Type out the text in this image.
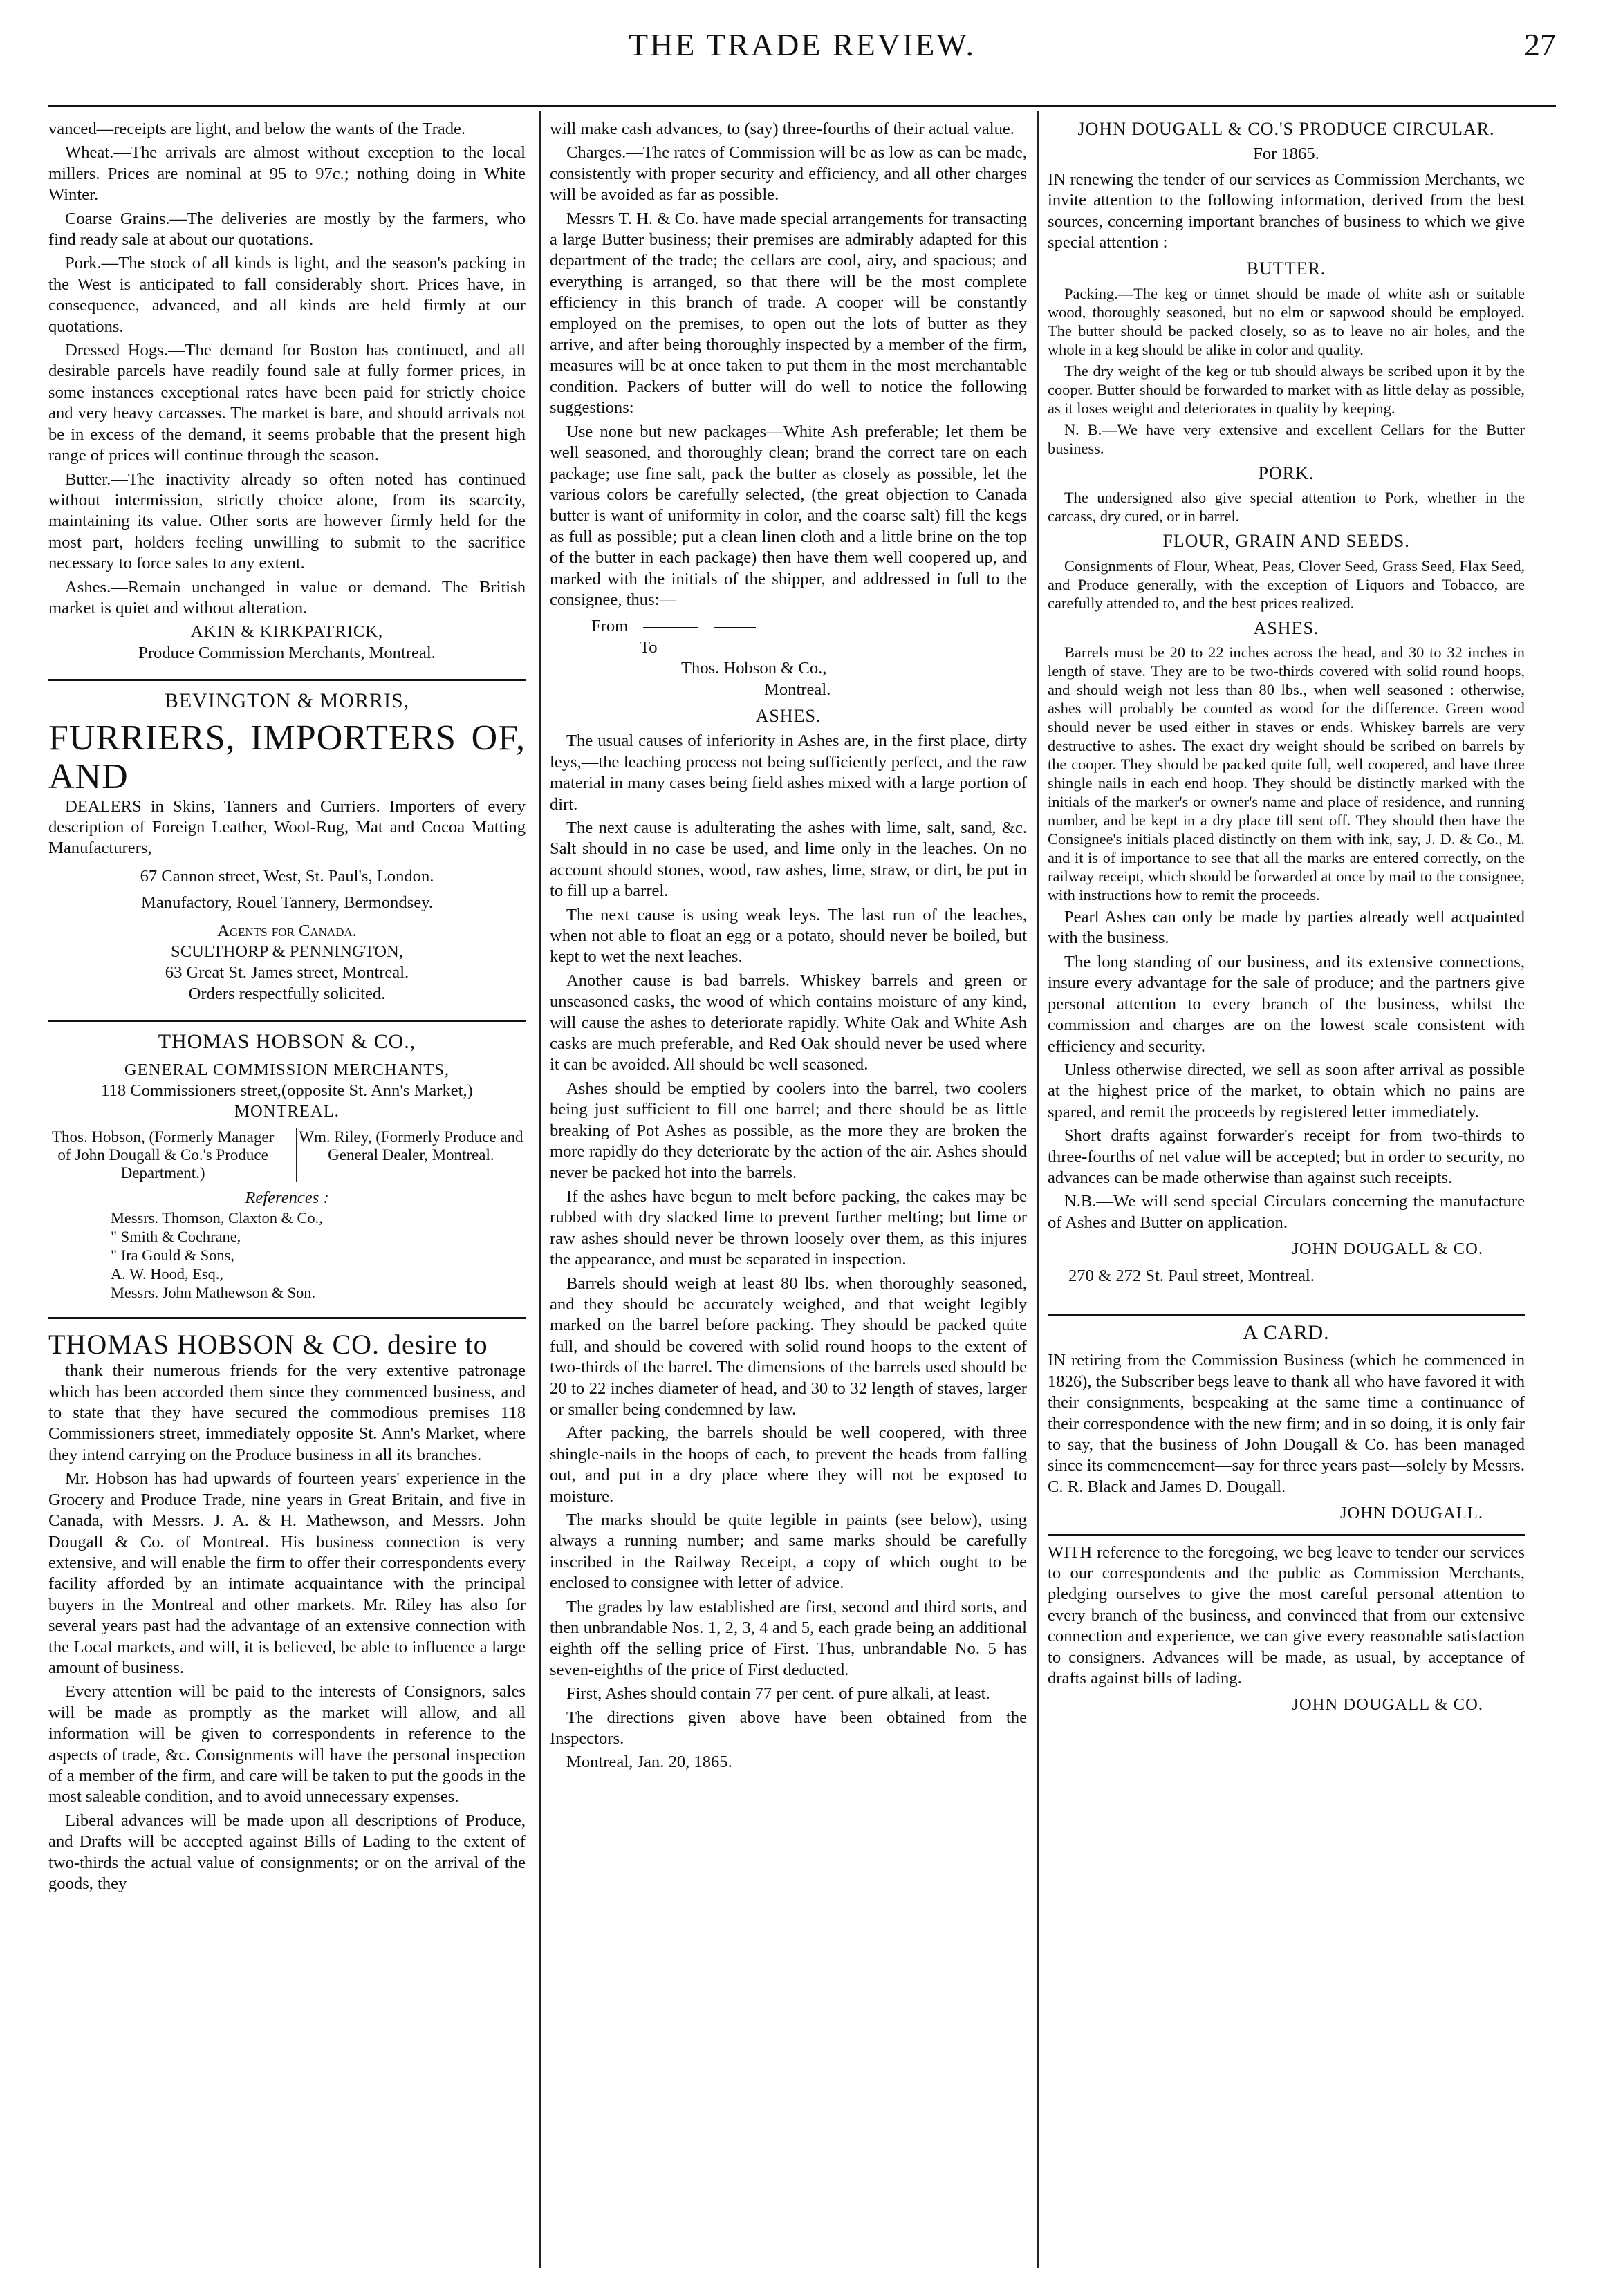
THE TRADE REVIEW.	27

vanced—receipts are light, and below the wants of the Trade.

Wheat.—The arrivals are almost without exception to the local millers. Prices are nominal at 95 to 97c.; nothing doing in White Winter.

Coarse Grains.—The deliveries are mostly by the farmers, who find ready sale at about our quotations.

Pork.—The stock of all kinds is light, and the season's packing in the West is anticipated to fall considerably short. Prices have, in consequence, advanced, and all kinds are held firmly at our quotations.

Dressed Hogs.—The demand for Boston has continued, and all desirable parcels have readily found sale at fully former prices, in some instances exceptional rates have been paid for strictly choice and very heavy carcasses. The market is bare, and should arrivals not be in excess of the demand, it seems probable that the present high range of prices will continue through the season.

Butter.—The inactivity already so often noted has continued without intermission, strictly choice alone, from its scarcity, maintaining its value. Other sorts are however firmly held for the most part, holders feeling unwilling to submit to the sacrifice necessary to force sales to any extent.

Ashes.—Remain unchanged in value or demand. The British market is quiet and without alteration.

AKIN & KIRKPATRICK,
Produce Commission Merchants, Montreal.
BEVINGTON & MORRIS,

FURRIERS, IMPORTERS OF, AND

DEALERS in Skins, Tanners and Curriers. Importers of every description of Foreign Leather, Wool-Rug, Mat and Cocoa Matting Manufacturers,

67 Cannon street, West, St. Paul's, London.
Manufactory, Rouel Tannery, Bermondsey.
Agents for Canada.
SCULTHORP & PENNINGTON,
63 Great St. James street, Montreal.
Orders respectfully solicited.
THOMAS HOBSON & CO.,
GENERAL COMMISSION MERCHANTS,
118 Commissioners street,(opposite St. Ann's Market,)
MONTREAL.
Thos. Hobson, (Formerly Manager of John Dougall & Co.'s Produce Department.)
Wm. Riley, (Formerly Produce and General Dealer, Montreal.
References :
Messrs. Thomson, Claxton & Co.,
" Smith & Cochrane,
" Ira Gould & Sons,
A. W. Hood, Esq.,
Messrs. John Mathewson & Son.

THOMAS HOBSON & CO. desire to

thank their numerous friends for the very extentive patronage which has been accorded them since they commenced business, and to state that they have secured the commodious premises 118 Commissioners street, immediately opposite St. Ann's Market, where they intend carrying on the Produce business in all its branches.

Mr. Hobson has had upwards of fourteen years' experience in the Grocery and Produce Trade, nine years in Great Britain, and five in Canada, with Messrs. J. A. & H. Mathewson, and Messrs. John Dougall & Co. of Montreal. His business connection is very extensive, and will enable the firm to offer their correspondents every facility afforded by an intimate acquaintance with the principal buyers in the Montreal and other markets. Mr. Riley has also for several years past had the advantage of an extensive connection with the Local markets, and will, it is believed, be able to influence a large amount of business.

Every attention will be paid to the interests of Consignors, sales will be made as promptly as the market will allow, and all information will be given to correspondents in reference to the aspects of trade, &c. Consignments will have the personal inspection of a member of the firm, and care will be taken to put the goods in the most saleable condition, and to avoid unnecessary expenses.

Liberal advances will be made upon all descriptions of Produce, and Drafts will be accepted against Bills of Lading to the extent of two-thirds the actual value of consignments; or on the arrival of the goods, they

will make cash advances, to (say) three-fourths of their actual value.

Charges.—The rates of Commission will be as low as can be made, consistently with proper security and efficiency, and all other charges will be avoided as far as possible.

Messrs T. H. & Co. have made special arrangements for transacting a large Butter business; their premises are admirably adapted for this department of the trade; the cellars are cool, airy, and spacious; and everything is arranged, so that there will be the most complete efficiency in this branch of trade. A cooper will be constantly employed on the premises, to open out the lots of butter as they arrive, and after being thoroughly inspected by a member of the firm, measures will be at once taken to put them in the most merchantable condition. Packers of butter will do well to notice the following suggestions:

Use none but new packages—White Ash preferable; let them be well seasoned, and thoroughly clean; brand the correct tare on each package; use fine salt, pack the butter as closely as possible, let the various colors be carefully selected, (the great objection to Canada butter is want of uniformity in color, and the coarse salt) fill the kegs as full as possible; put a clean linen cloth and a little brine on the top of the butter in each package) then have them well coopered up, and marked with the initials of the shipper, and addressed in full to the consignee, thus:—

From
To
Thos. Hobson & Co.,
Montreal.
ASHES.

The usual causes of inferiority in Ashes are, in the first place, dirty leys,—the leaching process not being sufficiently perfect, and the raw material in many cases being field ashes mixed with a large portion of dirt.

The next cause is adulterating the ashes with lime, salt, sand, &c. Salt should in no case be used, and lime only in the leaches. On no account should stones, wood, raw ashes, lime, straw, or dirt, be put in to fill up a barrel.

The next cause is using weak leys. The last run of the leaches, when not able to float an egg or a potato, should never be boiled, but kept to wet the next leaches.

Another cause is bad barrels. Whiskey barrels and green or unseasoned casks, the wood of which contains moisture of any kind, will cause the ashes to deteriorate rapidly. White Oak and White Ash casks are much preferable, and Red Oak should never be used where it can be avoided. All should be well seasoned.

Ashes should be emptied by coolers into the barrel, two coolers being just sufficient to fill one barrel; and there should be as little breaking of Pot Ashes as possible, as the more they are broken the more rapidly do they deteriorate by the action of the air. Ashes should never be packed hot into the barrels.

If the ashes have begun to melt before packing, the cakes may be rubbed with dry slacked lime to prevent further melting; but lime or raw ashes should never be thrown loosely over them, as this injures the appearance, and must be separated in inspection.

Barrels should weigh at least 80 lbs. when thoroughly seasoned, and they should be accurately weighed, and that weight legibly marked on the barrel before packing. They should be packed quite full, and should be covered with solid round hoops to the extent of two-thirds of the barrel. The dimensions of the barrels used should be 20 to 22 inches diameter of head, and 30 to 32 length of staves, larger or smaller being condemned by law.

After packing, the barrels should be well coopered, with three shingle-nails in the hoops of each, to prevent the heads from falling out, and put in a dry place where they will not be exposed to moisture.

The marks should be quite legible in paints (see below), using always a running number; and same marks should be carefully inscribed in the Railway Receipt, a copy of which ought to be enclosed to consignee with letter of advice.

The grades by law established are first, second and third sorts, and then unbrandable Nos. 1, 2, 3, 4 and 5, each grade being an additional eighth off the selling price of First. Thus, unbrandable No. 5 has seven-eighths of the price of First deducted.

First, Ashes should contain 77 per cent. of pure alkali, at least.

The directions given above have been obtained from the Inspectors.

Montreal, Jan. 20, 1865.

JOHN DOUGALL & CO.'S PRODUCE CIRCULAR.
For 1865.

IN renewing the tender of our services as Commission Merchants, we invite attention to the following information, derived from the best sources, concerning important branches of business to which we give special attention :

BUTTER.

Packing.—The keg or tinnet should be made of white ash or suitable wood, thoroughly seasoned, but no elm or sapwood should be employed. The butter should be packed closely, so as to leave no air holes, and the whole in a keg should be alike in color and quality.

The dry weight of the keg or tub should always be scribed upon it by the cooper. Butter should be forwarded to market with as little delay as possible, as it loses weight and deteriorates in quality by keeping.

N. B.—We have very extensive and excellent Cellars for the Butter business.

PORK.

The undersigned also give special attention to Pork, whether in the carcass, dry cured, or in barrel.

FLOUR, GRAIN AND SEEDS.

Consignments of Flour, Wheat, Peas, Clover Seed, Grass Seed, Flax Seed, and Produce generally, with the exception of Liquors and Tobacco, are carefully attended to, and the best prices realized.

ASHES.

Barrels must be 20 to 22 inches across the head, and 30 to 32 inches in length of stave. They are to be two-thirds covered with solid round hoops, and should weigh not less than 80 lbs., when well seasoned : otherwise, ashes will probably be counted as wood for the difference. Green wood should never be used either in staves or ends. Whiskey barrels are very destructive to ashes. The exact dry weight should be scribed on barrels by the cooper. They should be packed quite full, well coopered, and have three shingle nails in each end hoop. They should be distinctly marked with the initials of the marker's or owner's name and place of residence, and running number, and be kept in a dry place till sent off. They should then have the Consignee's initials placed distinctly on them with ink, say, J. D. & Co., M. and it is of importance to see that all the marks are entered correctly, on the railway receipt, which should be forwarded at once by mail to the consignee, with instructions how to remit the proceeds.

Pearl Ashes can only be made by parties already well acquainted with the business.

The long standing of our business, and its extensive connections, insure every advantage for the sale of produce; and the partners give personal attention to every branch of the business, whilst the commission and charges are on the lowest scale consistent with efficiency and security.

Unless otherwise directed, we sell as soon after arrival as possible at the highest price of the market, to obtain which no pains are spared, and remit the proceeds by registered letter immediately.

Short drafts against forwarder's receipt for from two-thirds to three-fourths of net value will be accepted; but in order to security, no advances can be made otherwise than against such receipts.

N.B.—We will send special Circulars concerning the manufacture of Ashes and Butter on application.

JOHN DOUGALL & CO.
270 & 272 St. Paul street, Montreal.
A CARD.

IN retiring from the Commission Business (which he commenced in 1826), the Subscriber begs leave to thank all who have favored it with their consignments, bespeaking at the same time a continuance of their correspondence with the new firm; and in so doing, it is only fair to say, that the business of John Dougall & Co. has been managed since its commencement—say for three years past—solely by Messrs. C. R. Black and James D. Dougall.

JOHN DOUGALL.

WITH reference to the foregoing, we beg leave to tender our services to our correspondents and the public as Commission Merchants, pledging ourselves to give the most careful personal attention to every branch of the business, and convinced that from our extensive connection and experience, we can give every reasonable satisfaction to consigners. Advances will be made, as usual, by acceptance of drafts against bills of lading.

JOHN DOUGALL & CO.
